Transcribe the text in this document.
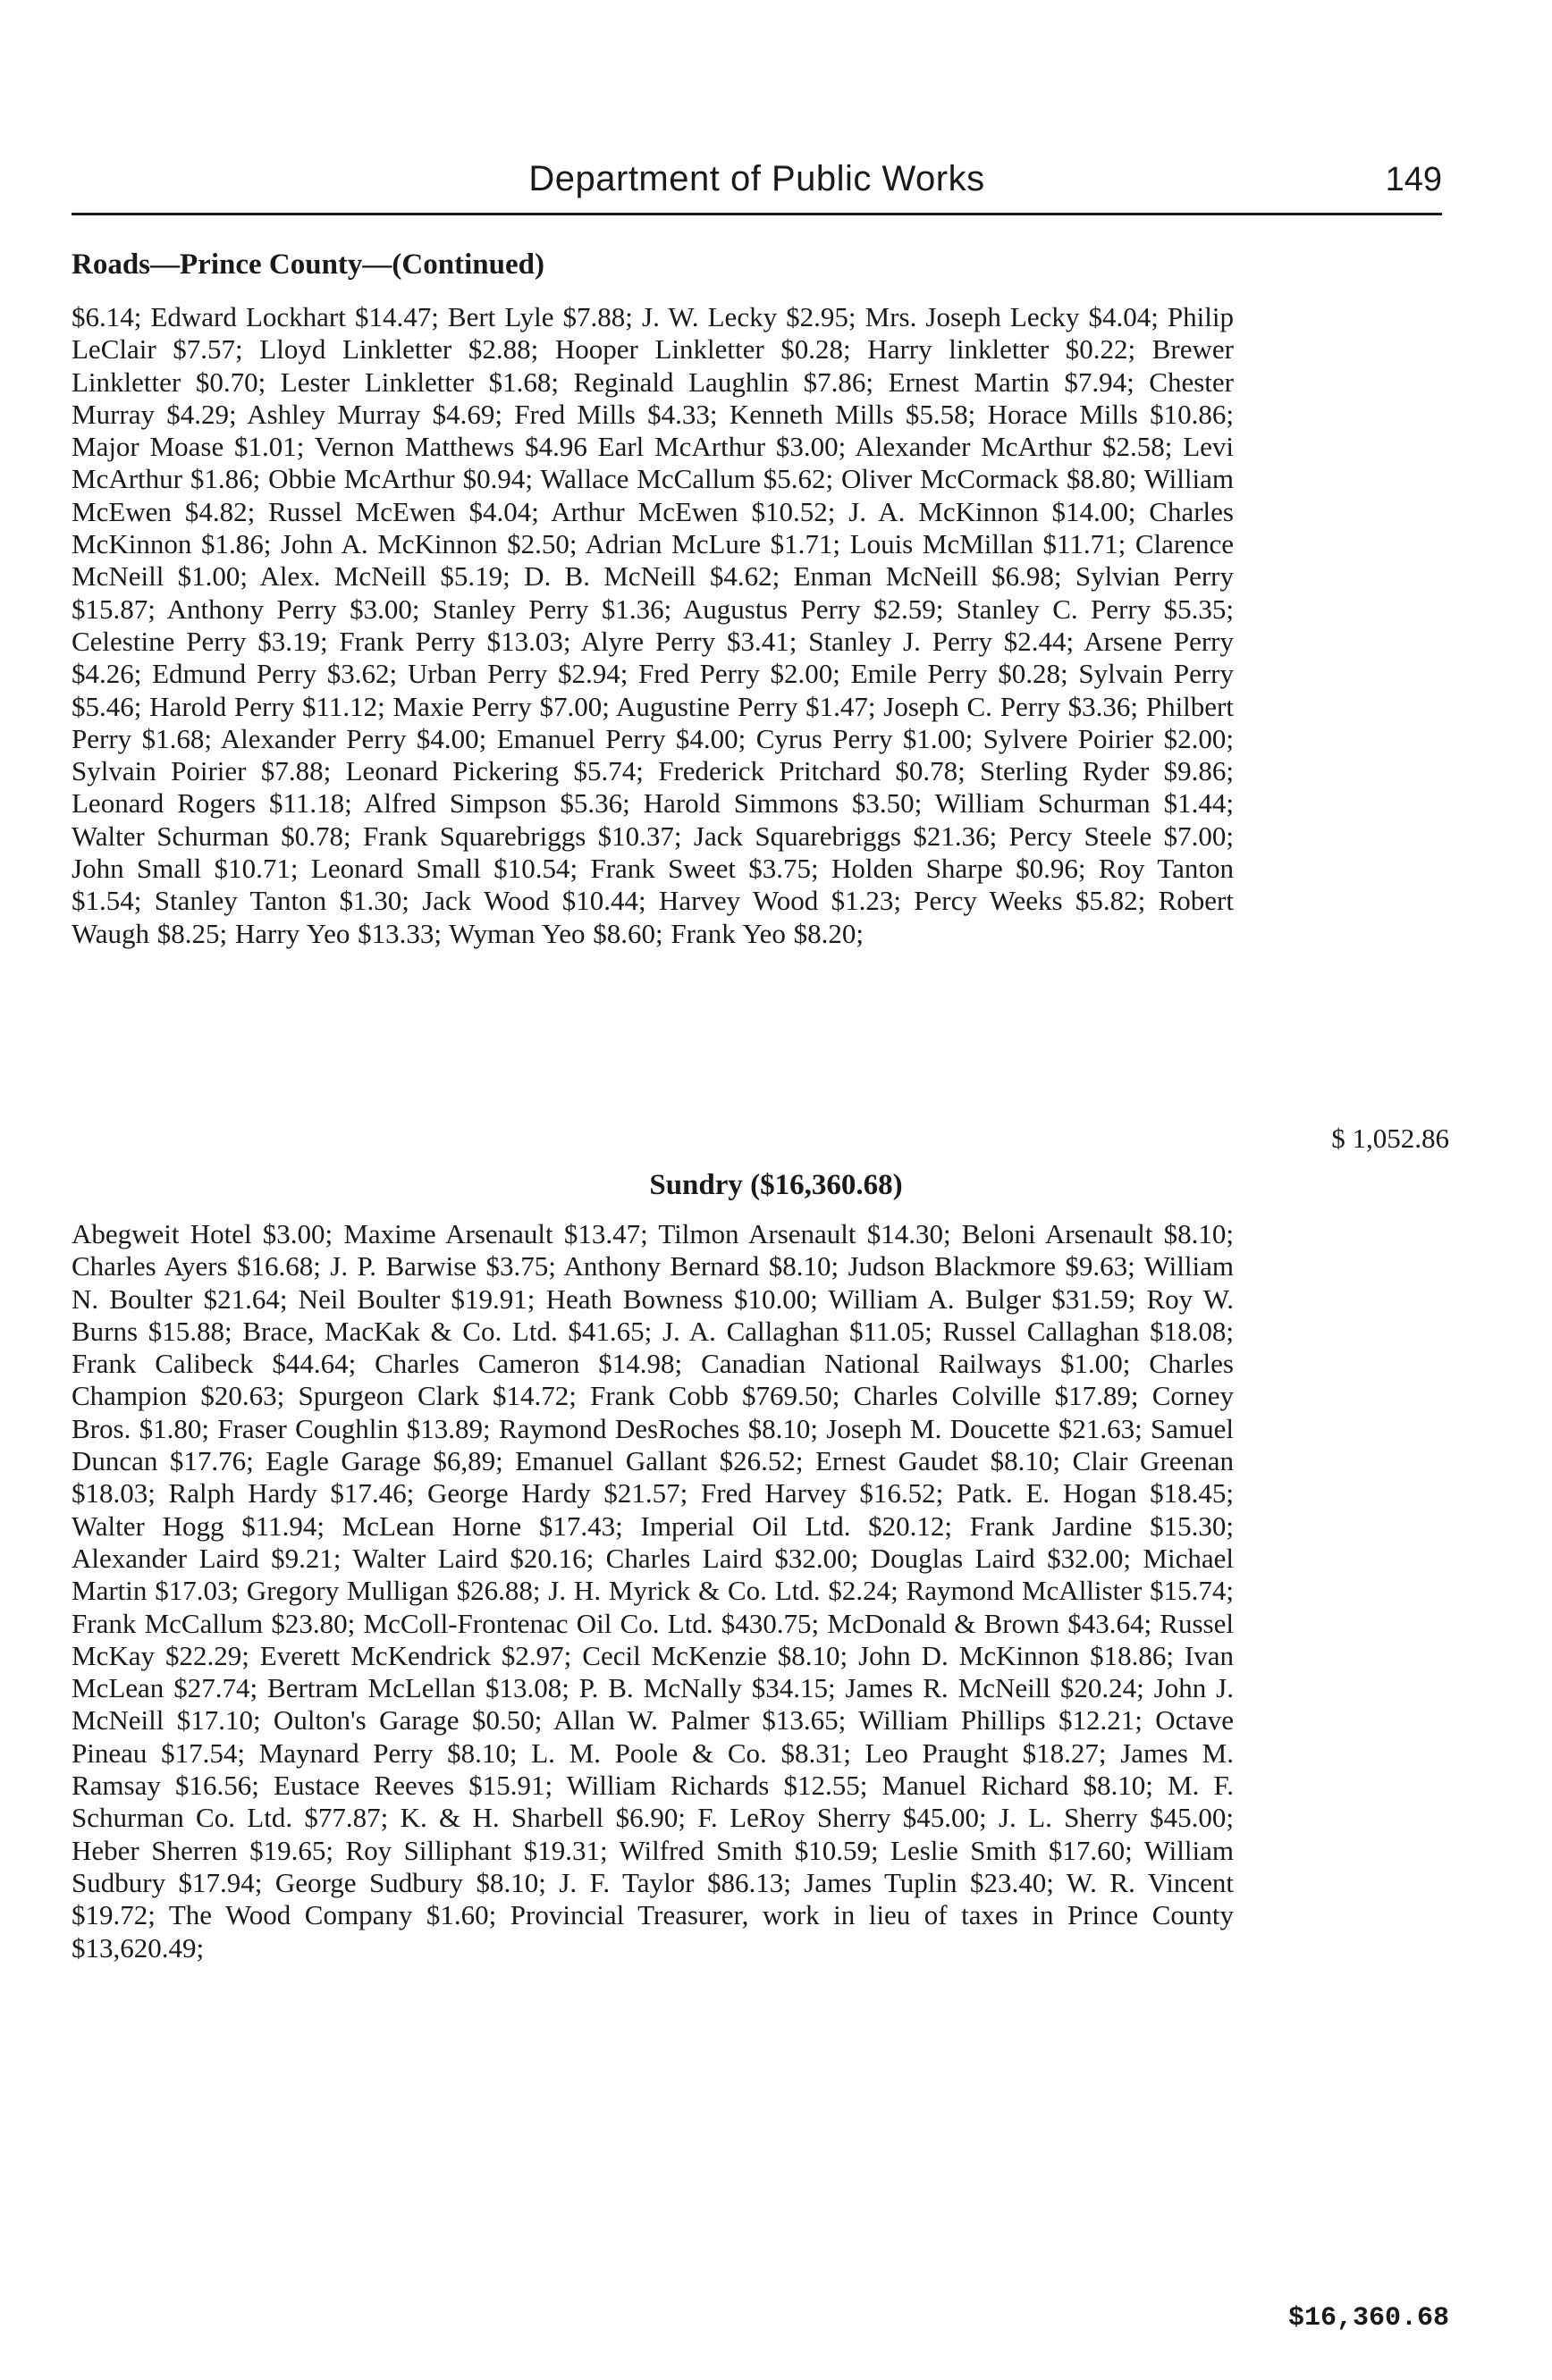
Department of Public Works	149
Roads—Prince County—(Continued)
$6.14; Edward Lockhart $14.47; Bert Lyle $7.88; J. W. Lecky $2.95; Mrs. Joseph Lecky $4.04; Philip LeClair $7.57; Lloyd Linkletter $2.88; Hooper Linkletter $0.28; Harry linkletter $0.22; Brewer Linkletter $0.70; Lester Linkletter $1.68; Reginald Laughlin $7.86; Ernest Martin $7.94; Chester Murray $4.29; Ashley Murray $4.69; Fred Mills $4.33; Kenneth Mills $5.58; Horace Mills $10.86; Major Moase $1.01; Vernon Matthews $4.96 Earl McArthur $3.00; Alexander McArthur $2.58; Levi McArthur $1.86; Obbie McArthur $0.94; Wallace McCallum $5.62; Oliver McCormack $8.80; William McEwen $4.82; Russel McEwen $4.04; Arthur McEwen $10.52; J. A. McKinnon $14.00; Charles McKinnon $1.86; John A. McKinnon $2.50; Adrian McLure $1.71; Louis McMillan $11.71; Clarence McNeill $1.00; Alex. McNeill $5.19; D. B. McNeill $4.62; Enman McNeill $6.98; Sylvian Perry $15.87; Anthony Perry $3.00; Stanley Perry $1.36; Augustus Perry $2.59; Stanley C. Perry $5.35; Celestine Perry $3.19; Frank Perry $13.03; Alyre Perry $3.41; Stanley J. Perry $2.44; Arsene Perry $4.26; Edmund Perry $3.62; Urban Perry $2.94; Fred Perry $2.00; Emile Perry $0.28; Sylvain Perry $5.46; Harold Perry $11.12; Maxie Perry $7.00; Augustine Perry $1.47; Joseph C. Perry $3.36; Philbert Perry $1.68; Alexander Perry $4.00; Emanuel Perry $4.00; Cyrus Perry $1.00; Sylvere Poirier $2.00; Sylvain Poirier $7.88; Leonard Pickering $5.74; Frederick Pritchard $0.78; Sterling Ryder $9.86; Leonard Rogers $11.18; Alfred Simpson $5.36; Harold Simmons $3.50; William Schurman $1.44; Walter Schurman $0.78; Frank Squarebriggs $10.37; Jack Squarebriggs $21.36; Percy Steele $7.00; John Small $10.71; Leonard Small $10.54; Frank Sweet $3.75; Holden Sharpe $0.96; Roy Tanton $1.54; Stanley Tanton $1.30; Jack Wood $10.44; Harvey Wood $1.23; Percy Weeks $5.82; Robert Waugh $8.25; Harry Yeo $13.33; Wyman Yeo $8.60; Frank Yeo $8.20;
$ 1,052.86
Sundry ($16,360.68)
Abegweit Hotel $3.00; Maxime Arsenault $13.47; Tilmon Arsenault $14.30; Beloni Arsenault $8.10; Charles Ayers $16.68; J. P. Barwise $3.75; Anthony Bernard $8.10; Judson Blackmore $9.63; William N. Boulter $21.64; Neil Boulter $19.91; Heath Bowness $10.00; William A. Bulger $31.59; Roy W. Burns $15.88; Brace, MacKak & Co. Ltd. $41.65; J. A. Callaghan $11.05; Russel Callaghan $18.08; Frank Calibeck $44.64; Charles Cameron $14.98; Canadian National Railways $1.00; Charles Champion $20.63; Spurgeon Clark $14.72; Frank Cobb $769.50; Charles Colville $17.89; Corney Bros. $1.80; Fraser Coughlin $13.89; Raymond DesRoches $8.10; Joseph M. Doucette $21.63; Samuel Duncan $17.76; Eagle Garage $6,89; Emanuel Gallant $26.52; Ernest Gaudet $8.10; Clair Greenan $18.03; Ralph Hardy $17.46; George Hardy $21.57; Fred Harvey $16.52; Patk. E. Hogan $18.45; Walter Hogg $11.94; McLean Horne $17.43; Imperial Oil Ltd. $20.12; Frank Jardine $15.30; Alexander Laird $9.21; Walter Laird $20.16; Charles Laird $32.00; Douglas Laird $32.00; Michael Martin $17.03; Gregory Mulligan $26.88; J. H. Myrick & Co. Ltd. $2.24; Raymond McAllister $15.74; Frank McCallum $23.80; McColl-Frontenac Oil Co. Ltd. $430.75; McDonald & Brown $43.64; Russel McKay $22.29; Everett McKendrick $2.97; Cecil McKenzie $8.10; John D. McKinnon $18.86; Ivan McLean $27.74; Bertram McLellan $13.08; P. B. McNally $34.15; James R. McNeill $20.24; John J. McNeill $17.10; Oulton's Garage $0.50; Allan W. Palmer $13.65; William Phillips $12.21; Octave Pineau $17.54; Maynard Perry $8.10; L. M. Poole & Co. $8.31; Leo Praught $18.27; James M. Ramsay $16.56; Eustace Reeves $15.91; William Richards $12.55; Manuel Richard $8.10; M. F. Schurman Co. Ltd. $77.87; K. & H. Sharbell $6.90; F. LeRoy Sherry $45.00; J. L. Sherry $45.00; Heber Sherren $19.65; Roy Silliphant $19.31; Wilfred Smith $10.59; Leslie Smith $17.60; William Sudbury $17.94; George Sudbury $8.10; J. F. Taylor $86.13; James Tuplin $23.40; W. R. Vincent $19.72; The Wood Company $1.60; Provincial Treasurer, work in lieu of taxes in Prince County $13,620.49;
$16,360.68
